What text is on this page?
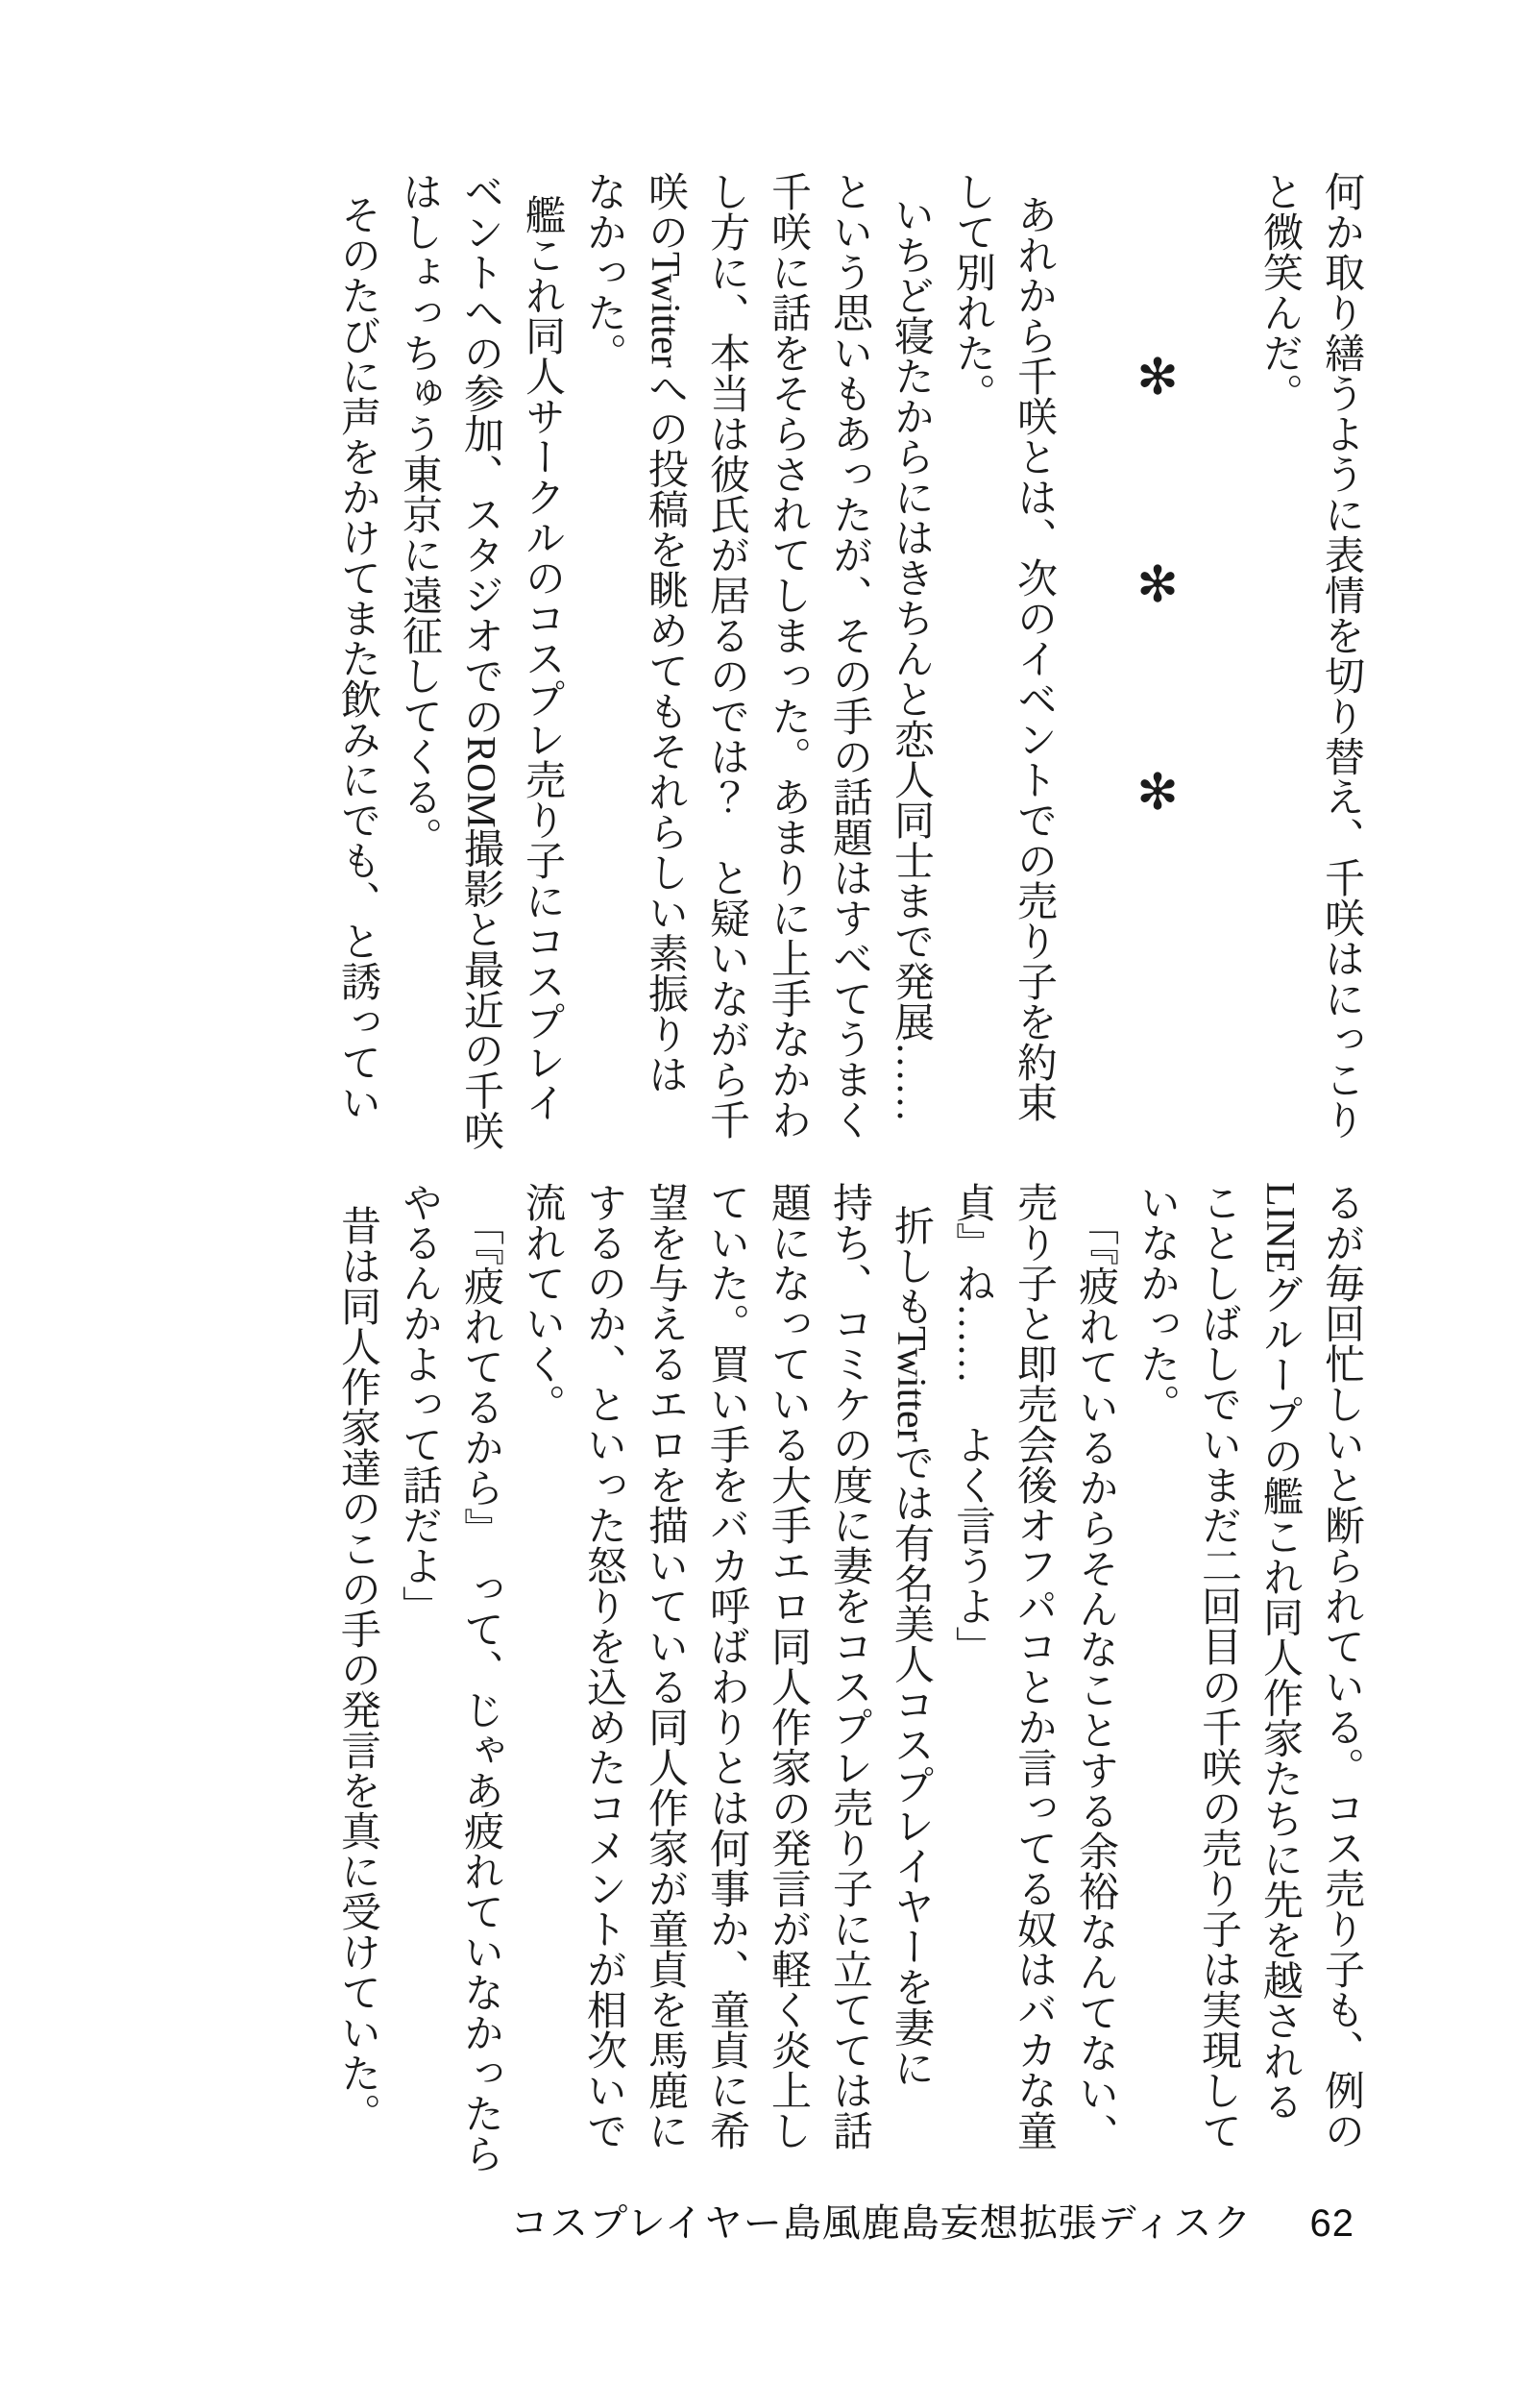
何か取り繕うように表情を切り替え、千咲はにっこり
と微笑んだ。
✻✻✻
あれから千咲とは、次のイベントでの売り子を約束
して別れた。
いちど寝たからにはきちんと恋人同士まで発展……
という思いもあったが、その手の話題はすべてうまく
千咲に話をそらされてしまった。あまりに上手なかわ
し方に、本当は彼氏が居るのでは？　と疑いながら千
咲のTwitterへの投稿を眺めてもそれらしい素振りは
なかった。
艦これ同人サークルのコスプレ売り子にコスプレイ
ベントへの参加、スタジオでのROM撮影と最近の千咲
はしょっちゅう東京に遠征してくる。
そのたびに声をかけてまた飲みにでも、と誘ってい
るが毎回忙しいと断られている。コス売り子も、例の
LINEグループの艦これ同人作家たちに先を越される
ことしばしでいまだ二回目の千咲の売り子は実現して
いなかった。
「『疲れているからそんなことする余裕なんてない、
売り子と即売会後オフパコとか言ってる奴はバカな童
貞』ね……　よく言うよ」
折しもTwitterでは有名美人コスプレイヤーを妻に
持ち、コミケの度に妻をコスプレ売り子に立てては話
題になっている大手エロ同人作家の発言が軽く炎上し
ていた。買い手をバカ呼ばわりとは何事か、童貞に希
望を与えるエロを描いている同人作家が童貞を馬鹿に
するのか、といった怒りを込めたコメントが相次いで
流れていく。
「『疲れてるから』　って、じゃあ疲れていなかったら
やるんかよって話だよ」
昔は同人作家達のこの手の発言を真に受けていた。
コスプレイヤー島風鹿島妄想拡張ディスク 62
